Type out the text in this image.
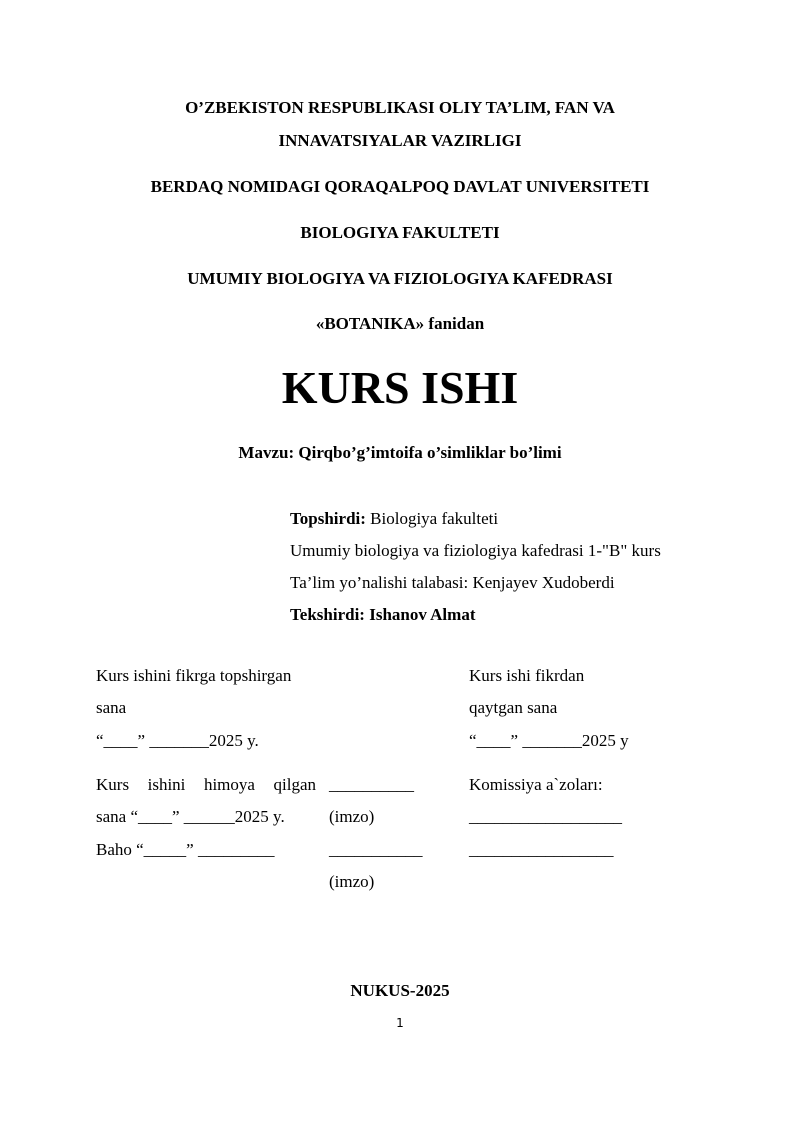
O’ZBEKISTON RESPUBLIKASI OLIY TA’LIM, FAN VA
INNAVATSIYALAR VAZIRLIGI
BERDAQ NOMIDAGI QORAQALPOQ DAVLAT UNIVERSITETI
BIOLOGIYA FAKULTETI
UMUMIY BIOLOGIYA VA FIZIOLOGIYA KAFEDRASI
«BOTANIKA» fanidan
KURS ISHI
Mavzu: Qirqbo’g’imtoifa o’simliklar bo’limi
Topshirdi: Biologiya fakulteti
Umumiy biologiya va fiziologiya kafedrasi 1-"B" kurs
Ta’lim yo’nalishi talabasi: Kenjayev Xudoberdi
Tekshirdi: Ishanov Almat
Kurs ishini fikrga topshirgan
sana
“____” _______2025 y.
Kurs ishi fikrdan
qaytgan sana
“____” _______2025 y
Kurs ishini himoya qilgan
sana “____” ______2025 y.
Baho “_____” _________
__________
(imzo)
___________
(imzo)
Komissiya a`zoları:
__________________
_________________
NUKUS-2025
1
